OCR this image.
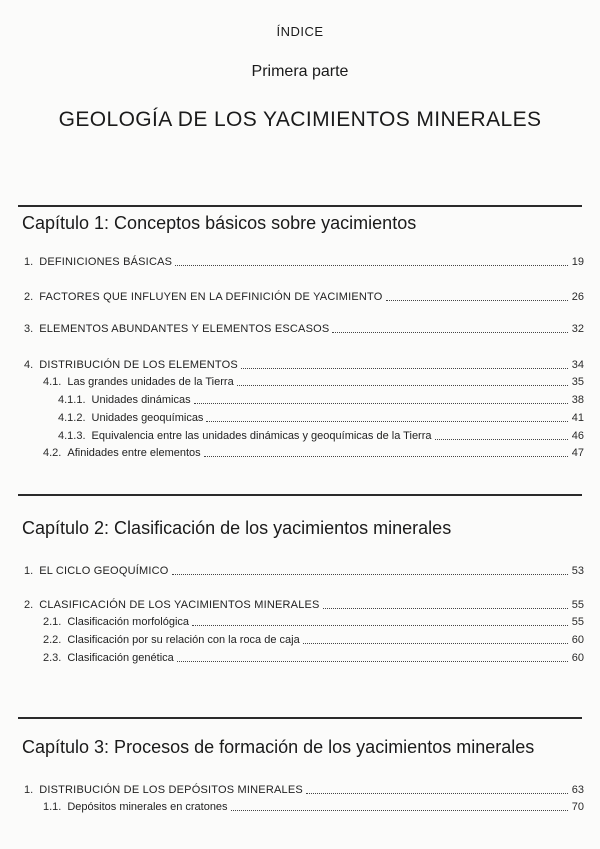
ÍNDICE
Primera parte
GEOLOGÍA DE LOS YACIMIENTOS MINERALES
Capítulo 1: Conceptos básicos sobre yacimientos
1. DEFINICIONES BÁSICAS	19
2. FACTORES QUE INFLUYEN EN LA DEFINICIÓN DE YACIMIENTO	26
3. ELEMENTOS ABUNDANTES Y ELEMENTOS ESCASOS	32
4. DISTRIBUCIÓN DE LOS ELEMENTOS	34
4.1. Las grandes unidades de la Tierra	35
4.1.1. Unidades dinámicas	38
4.1.2. Unidades geoquímicas	41
4.1.3. Equivalencia entre las unidades dinámicas y geoquímicas de la Tierra	46
4.2. Afinidades entre elementos	47
Capítulo 2: Clasificación de los yacimientos minerales
1. EL CICLO GEOQUÍMICO	53
2. CLASIFICACIÓN DE LOS YACIMIENTOS MINERALES	55
2.1. Clasificación morfológica	55
2.2. Clasificación por su relación con la roca de caja	60
2.3. Clasificación genética	60
Capítulo 3: Procesos de formación de los yacimientos minerales
1. DISTRIBUCIÓN DE LOS DEPÓSITOS MINERALES	63
1.1. Depósitos minerales en cratones	70
